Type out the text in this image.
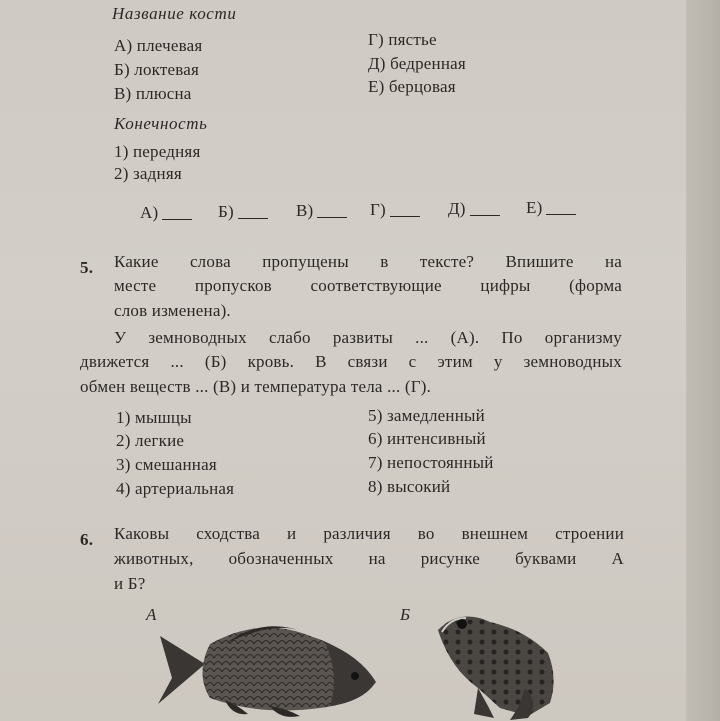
Название кости
А) плечевая
Б) локтевая
В) плюсна
Г) пястье
Д) бедренная
Е) берцовая
Конечность
1) передняя
2) задняя
А)	Б)	В)	Г)	Д)	Е)
5. Какие слова пропущены в тексте? Впишите на
месте пропусков соответствующие цифры (форма
слов изменена).
У земноводных слабо развиты ... (А). По организму
движется ... (Б) кровь. В связи с этим у земноводных
обмен веществ ... (В) и температура тела ... (Г).
1) мышцы
2) легкие
3) смешанная
4) артериальная
5) замедленный
6) интенсивный
7) непостоянный
8) высокий
6. Каковы сходства и различия во внешнем строении
животных, обозначенных на рисунке буквами А
и Б?
А	Б
